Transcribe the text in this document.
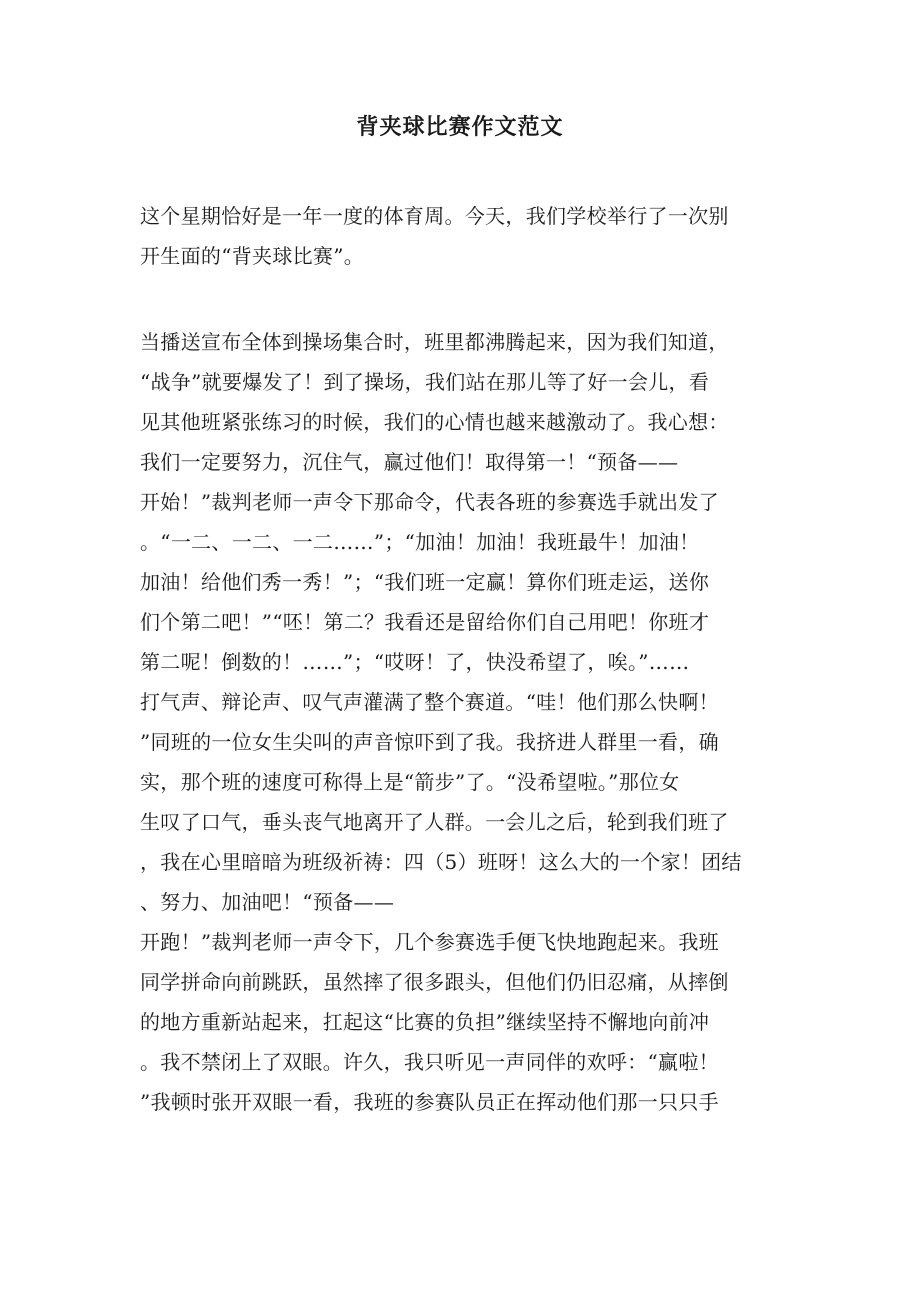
背夹球比赛作文范文
这个星期恰好是一年一度的体育周。今天，我们学校举行了一次别
开生面的“背夹球比赛”。
当播送宣布全体到操场集合时，班里都沸腾起来，因为我们知道，
“战争”就要爆发了！到了操场，我们站在那儿等了好一会儿，看
见其他班紧张练习的时候，我们的心情也越来越激动了。我心想：
我们一定要努力，沉住气，赢过他们！取得第一！“预备——
开始！”裁判老师一声令下那命令，代表各班的参赛选手就出发了
。“一二、一二、一二……”；“加油！加油！我班最牛！加油！
加油！给他们秀一秀！”；“我们班一定赢！算你们班走运，送你
们个第二吧！”“呸！第二？我看还是留给你们自己用吧！你班才
第二呢！倒数的！……”；“哎呀！了，快没希望了，唉。”……
打气声、辩论声、叹气声灌满了整个赛道。“哇！他们那么快啊！
”同班的一位女生尖叫的声音惊吓到了我。我挤进人群里一看，确
实，那个班的速度可称得上是“箭步”了。“没希望啦。”那位女
生叹了口气，垂头丧气地离开了人群。一会儿之后，轮到我们班了
，我在心里暗暗为班级祈祷：四（5）班呀！这么大的一个家！团结
、努力、加油吧！“预备——
开跑！”裁判老师一声令下，几个参赛选手便飞快地跑起来。我班
同学拼命向前跳跃，虽然摔了很多跟头，但他们仍旧忍痛，从摔倒
的地方重新站起来，扛起这“比赛的负担”继续坚持不懈地向前冲
。我不禁闭上了双眼。许久，我只听见一声同伴的欢呼：“赢啦！
”我顿时张开双眼一看，我班的参赛队员正在挥动他们那一只只手
